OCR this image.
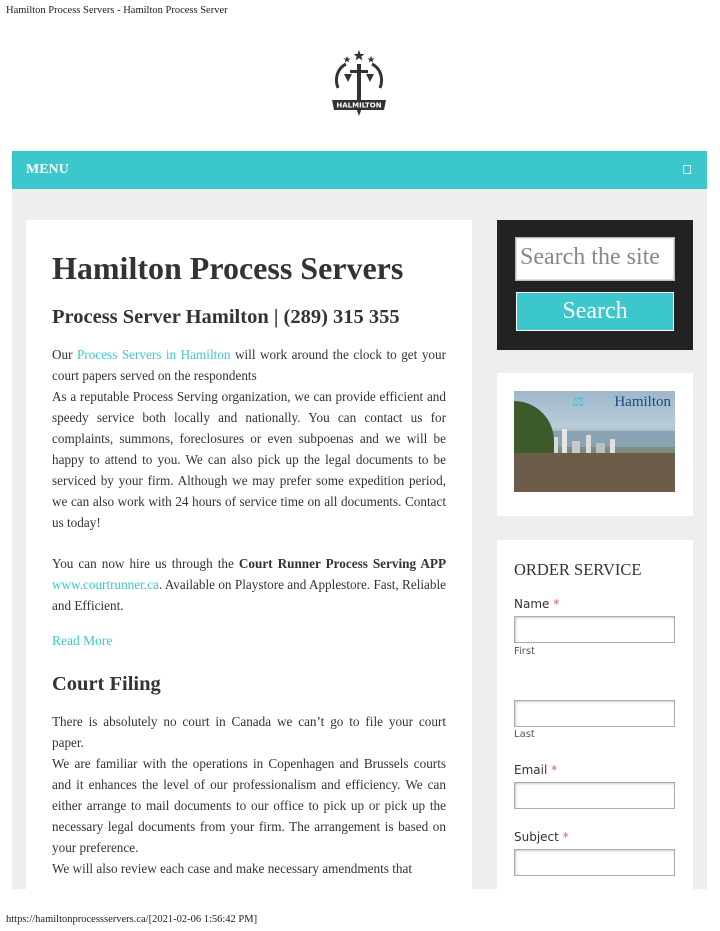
Hamilton Process Servers - Hamilton Process Server
HALMILTON
MENU
Hamilton Process Servers
Process Server Hamilton | (289) 315 355

Our Process Servers in Hamilton will work around the clock to get your court papers served on the respondents
As a reputable Process Serving organization, we can provide efficient and speedy service both locally and nationally. You can contact us for complaints, summons, foreclosures or even subpoenas and we will be happy to attend to you. We can also pick up the legal documents to be serviced by your firm. Although we may prefer some expedition period, we can also work with 24 hours of service time on all documents. Contact us today!

You can now hire us through the Court Runner Process Serving APP www.courtrunner.ca. Available on Playstore and Applestore. Fast, Reliable and Efficient.

Read More
Court Filing

There is absolutely no court in Canada we can’t go to file your court paper.
We are familiar with the operations in Copenhagen and Brussels courts and it enhances the level of our professionalism and efficiency. We can either arrange to mail documents to our office to pick up or pick up the necessary legal documents from your firm. The arrangement is based on your preference.
We will also review each case and make necessary amendments that

Search the site
Search
⚖ Hamilton
ORDER SERVICE
Name *
First
Last
Email *
Subject *
https://hamiltonprocessservers.ca/[2021-02-06 1:56:42 PM]
